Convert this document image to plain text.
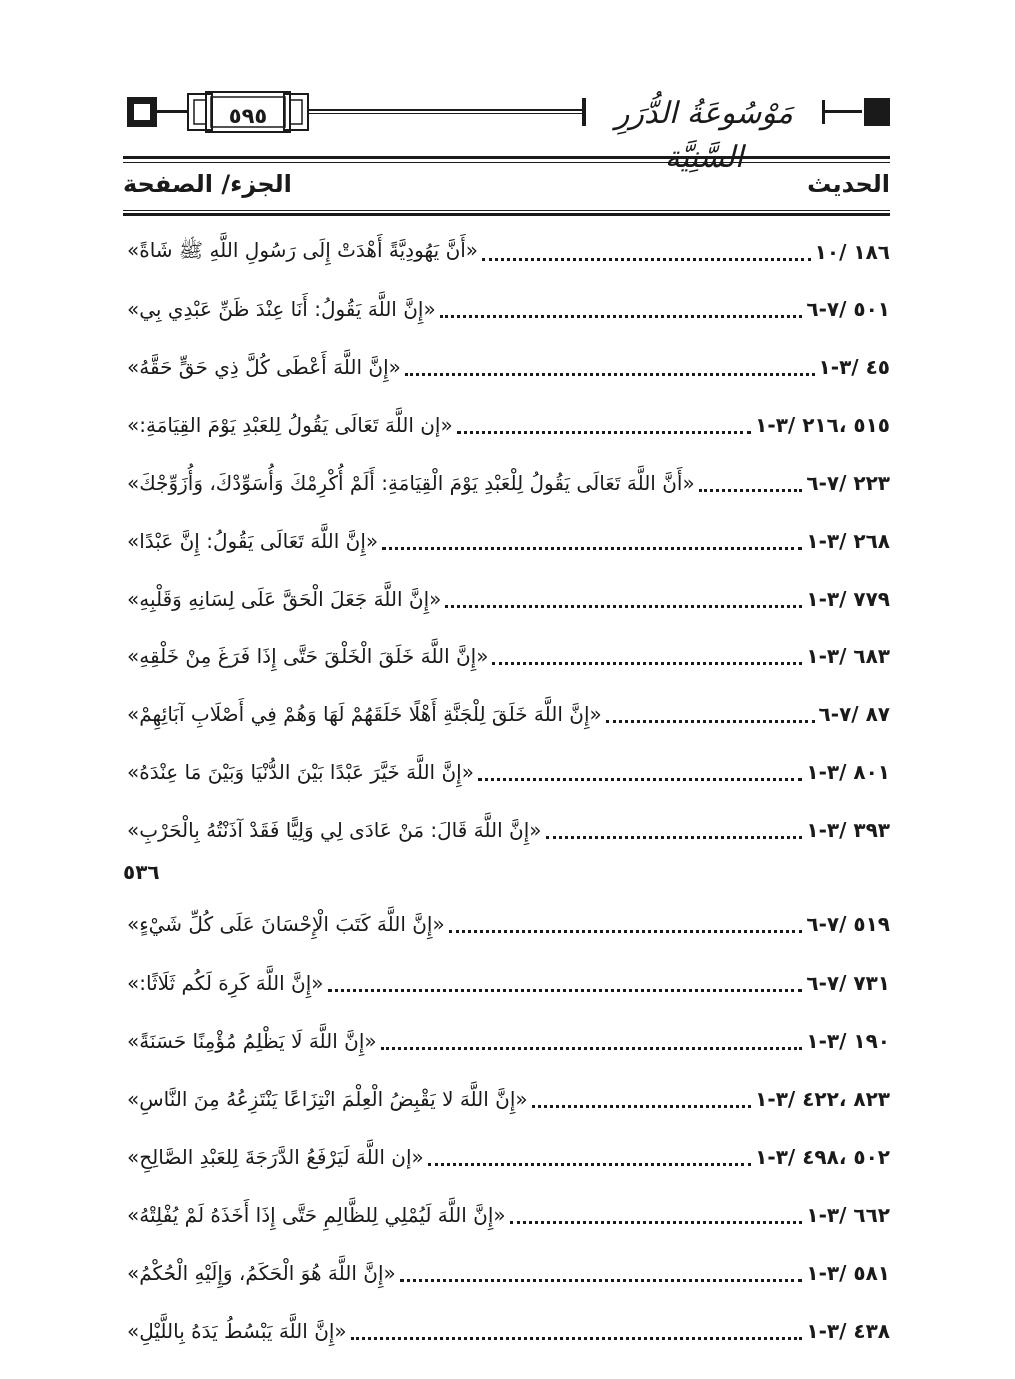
٥٩٥	مَوْسُوعَةُ الدُّرَرِ
الحديث
الجزء/ الصفحة
«أَنَّ يَهُودِيَّةً أَهْدَتْ إِلَى رَسُولِ اللَّهِ ﷺ شَاةً»	١٨٦ /١٠
«إِنَّ اللَّهَ يَقُولُ: أَنَا عِنْدَ ظَنِّ عَبْدِي بِي»	٥٠١ /٧-٦
«إِنَّ اللَّهَ أَعْطَى كُلَّ ذِي حَقٍّ حَقَّهُ»	٤٥ /٣-١
«إن اللَّهَ تَعَالَى يَقُولُ لِلعَبْدِ يَوْمَ القِيَامَةِ:»	٥١٥ ،٢١٦ /٣-١
«أَنَّ اللَّهَ تَعَالَى يَقُولُ لِلْعَبْدِ يَوْمَ الْقِيَامَةِ: أَلَمْ أُكْرِمْكَ وَأُسَوِّدْكَ، وَأُزَوِّجْكَ»	٢٢٣ /٧-٦
«إِنَّ اللَّهَ تَعَالَى يَقُولُ: إِنَّ عَبْدًا»	٢٦٨ /٣-١
«إِنَّ اللَّهَ جَعَلَ الْحَقَّ عَلَى لِسَانِهِ وَقَلْبِهِ»	٧٧٩ /٣-١
«إِنَّ اللَّهَ خَلَقَ الْخَلْقَ حَتَّى إِذَا فَرَغَ مِنْ خَلْقِهِ»	٦٨٣ /٣-١
«إِنَّ اللَّهَ خَلَقَ لِلْجَنَّةِ أَهْلًا خَلَقَهُمْ لَهَا وَهُمْ فِي أَصْلَابِ آبَائِهِمْ»	٨٧ /٧-٦
«إِنَّ اللَّهَ خَيَّرَ عَبْدًا بَيْنَ الدُّنْيَا وَبَيْنَ مَا عِنْدَهُ»	٨٠١ /٣-١
«إِنَّ اللَّهَ قَالَ: مَنْ عَادَى لِي وَلِيًّا فَقَدْ آذَنْتُهُ بِالْحَرْبِ»	٣٩٣ /٣-١
٥٣٦
«إِنَّ اللَّهَ كَتَبَ الْإِحْسَانَ عَلَى كُلِّ شَيْءٍ»	٥١٩ /٧-٦
«إِنَّ اللَّهَ كَرِهَ لَكُم ثَلَاثًا:»	٧٣١ /٧-٦
«إِنَّ اللَّهَ لَا يَظْلِمُ مُؤْمِنًا حَسَنَةً»	١٩٠ /٣-١
«إِنَّ اللَّهَ لا يَقْبِضُ الْعِلْمَ انْتِزَاعًا يَنْتَزِعُهُ مِنَ النَّاسِ»	٨٢٣ ،٤٢٢ /٣-١
«إن اللَّهَ لَيَرْفَعُ الدَّرَجَةَ لِلعَبْدِ الصَّالِحِ»	٥٠٢ ،٤٩٨ /٣-١
«إِنَّ اللَّهَ لَيُمْلِي لِلظَّالِمِ حَتَّى إِذَا أَخَذَهُ لَمْ يُفْلِتْهُ»	٦٦٢ /٣-١
«إِنَّ اللَّهَ هُوَ الْحَكَمُ، وَإِلَيْهِ الْحُكْمُ»	٥٨١ /٣-١
«إِنَّ اللَّهَ يَبْسُطُ يَدَهُ بِاللَّيْلِ»	٤٣٨ /٣-١
